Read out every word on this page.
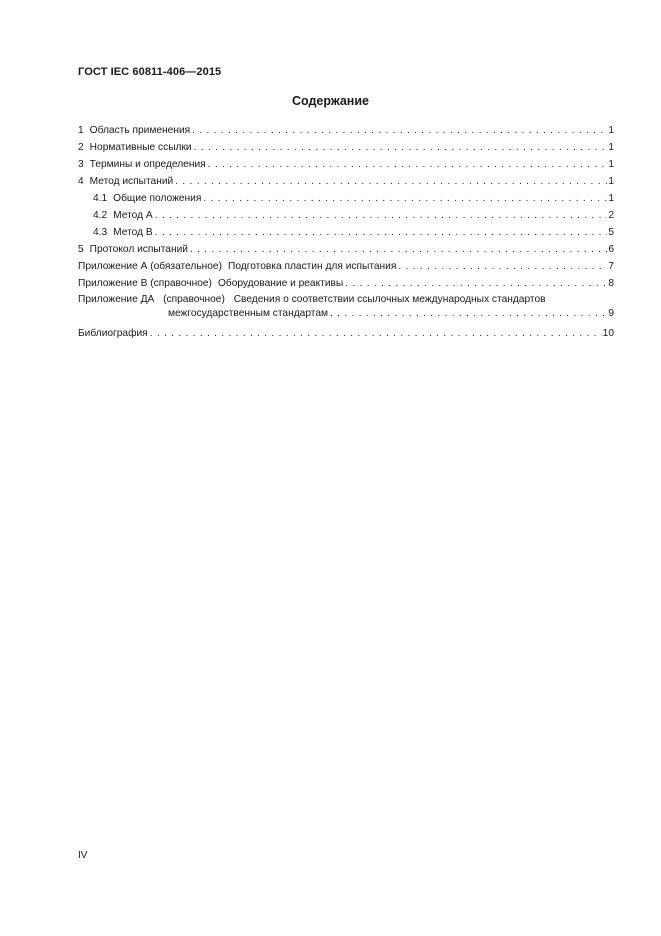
ГОСТ IEC 60811-406—2015
Содержание
1 Область применения . . .	1
2 Нормативные ссылки . . .	1
3 Термины и определения . . .	1
4 Метод испытаний . . .	1
4.1 Общие положения . . .	1
4.2 Метод А . . .	2
4.3 Метод В . . .	5
5 Протокол испытаний . . .	6
Приложение А (обязательное) Подготовка пластин для испытания . . .	7
Приложение В (справочное) Оборудование и реактивы . . .	8
Приложение ДА (справочное) Сведения о соответствии ссылочных международных стандартов
межгосударственным стандартам . . .	9
Библиография . . .	10
IV
